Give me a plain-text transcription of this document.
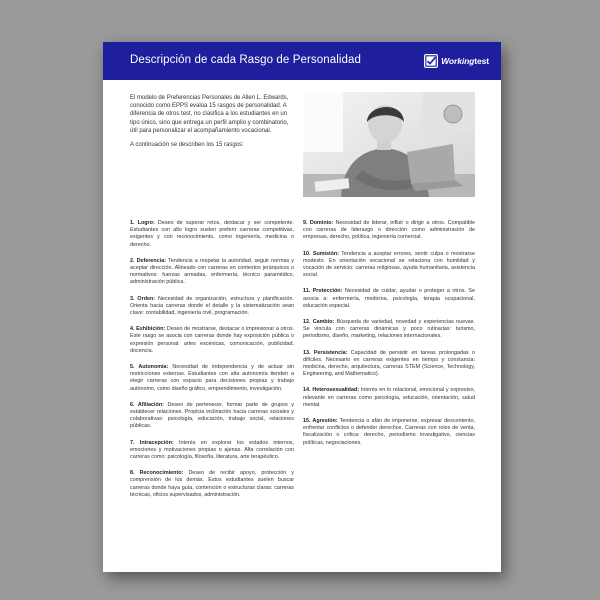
Descripción de cada Rasgo de Personalidad	Workingtest

El modelo de Preferencias Personales de Allen L. Edwards, conocido como EPPS evalúa 15 rasgos de personalidad. A diferencia de otros test, no clasifica a los estudiantes en un tipo único, sino que entrega un perfil amplio y combinatorio, útil para personalizar el acompañamiento vocacional.

A continuación se describen los 15 rasgos:

1. Logro: Deseo de superar retos, destacar y ser competente. Estudiantes con alto logro suelen preferir carreras competitivas, exigentes y con reconocimiento, como ingeniería, medicina o derecho.

2. Deferencia: Tendencia a respetar la autoridad, seguir normas y aceptar dirección. Alineado con carreras en contextos jerárquicos o normativos: fuerzas armadas, enfermería, técnico paramédico, administración pública.

3. Orden: Necesidad de organización, estructura y planificación. Orienta hacia carreras donde el detalle y la sistematización sean clave: contabilidad, ingeniería civil, programación.

4. Exhibición: Deseo de mostrarse, destacar o impresionar a otros. Este rasgo se asocia con carreras donde hay exposición pública o expresión personal: artes escénicas, comunicación, publicidad, docencia.

5. Autonomía: Necesidad de independencia y de actuar sin restricciones externas. Estudiantes con alta autonomía tienden a elegir carreras con espacio para decisiones propias y trabajo autónomo, como diseño gráfico, emprendimiento, investigación.

6. Afiliación: Deseo de pertenecer, formar parte de grupos y establecer relaciones. Propicia inclinación hacia carreras sociales y colaborativas: psicología, educación, trabajo social, relaciones públicas.

7. Intracepción: Interés en explorar los estados internos, emociones y motivaciones propias o ajenas. Alta correlación con carreras como: psicología, filosofía, literatura, arte terapéutico.

8. Reconocimiento: Deseo de recibir apoyo, protección y comprensión de los demás. Estos estudiantes suelen buscar carreras donde haya guía, contención o estructuras claras: carreras técnicas, oficios supervisados, administración.

9. Dominio: Necesidad de liderar, influir o dirigir a otros. Compatible con carreras de liderazgo o dirección como administración de empresas, derecho, política, ingeniería comercial.

10. Sumisión: Tendencia a aceptar errores, sentir culpa o mostrarse modesto. En orientación vocacional se relaciona con humildad y vocación de servicio: carreras religiosas, ayuda humanitaria, asistencia social.

11. Protección: Necesidad de cuidar, ayudar o proteger a otros. Se asocia a: enfermería, medicina, psicología, terapia ocupacional, educación especial.

12. Cambio: Búsqueda de variedad, novedad y experiencias nuevas. Se vincula con carreras dinámicas y poco rutinarias: turismo, periodismo, diseño, marketing, relaciones internacionales.

13. Persistencia: Capacidad de persistir en tareas prolongadas o difíciles. Necesario en carreras exigentes en tiempo y constancia: medicina, derecho, arquitectura, carreras STEM (Science, Technology, Engineering, and Mathematics).

14. Heterosexualidad: Interés en lo relacional, emocional y expresivo, relevante en carreras como psicología, educación, orientación, salud mental.

15. Agresión: Tendencia o afán de imponerse, expresar descontento, enfrentar conflictos o defender derechos. Carreras con roles de venta, fiscalización o crítica: derecho, periodismo investigativo, ciencias políticas, negociaciones.
